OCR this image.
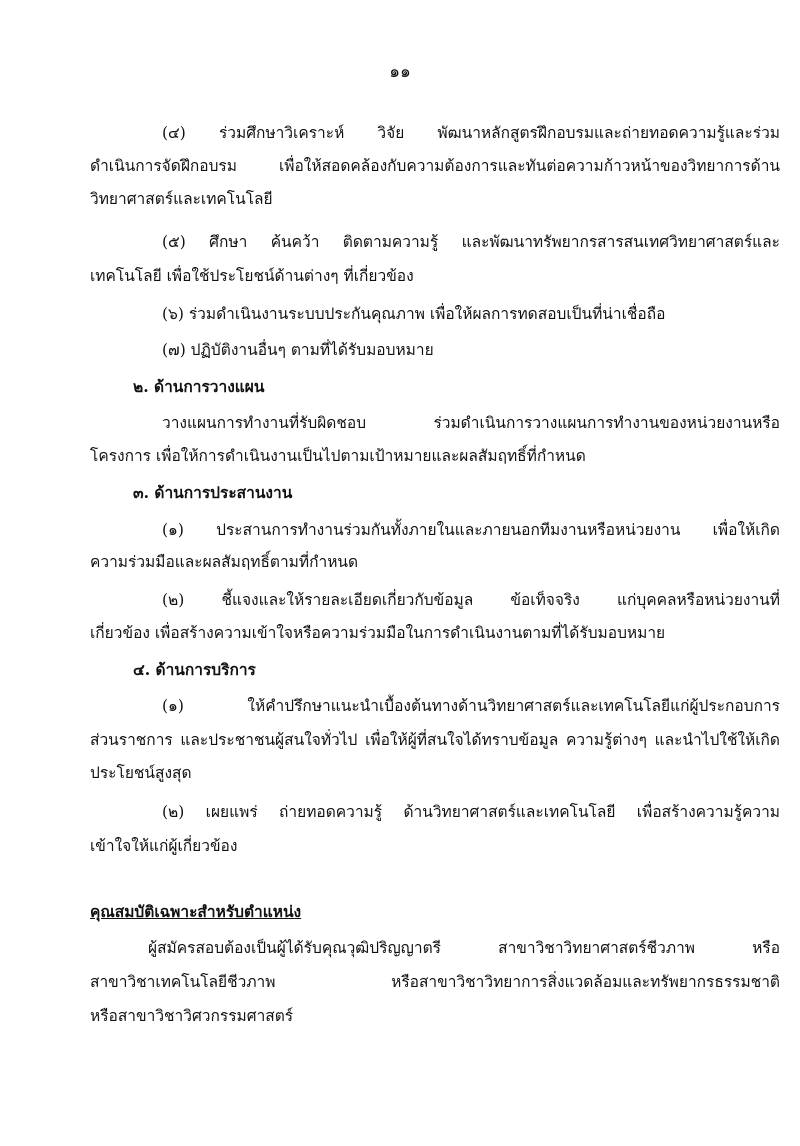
๑๑
(๔) ร่วมศึกษาวิเคราะห์ วิจัย พัฒนาหลักสูตรฝึกอบรมและถ่ายทอดความรู้และร่วม
ดำเนินการจัดฝึกอบรม เพื่อให้สอดคล้องกับความต้องการและทันต่อความก้าวหน้าของวิทยาการด้าน
วิทยาศาสตร์และเทคโนโลยี
(๕) ศึกษา ค้นคว้า ติดตามความรู้ และพัฒนาทรัพยากรสารสนเทศวิทยาศาสตร์และ
เทคโนโลยี เพื่อใช้ประโยชน์ด้านต่างๆ ที่เกี่ยวข้อง
(๖) ร่วมดำเนินงานระบบประกันคุณภาพ เพื่อให้ผลการทดสอบเป็นที่น่าเชื่อถือ
(๗) ปฏิบัติงานอื่นๆ ตามที่ได้รับมอบหมาย
๒. ด้านการวางแผน
วางแผนการทำงานที่รับผิดชอบ ร่วมดำเนินการวางแผนการทำงานของหน่วยงานหรือ
โครงการ เพื่อให้การดำเนินงานเป็นไปตามเป้าหมายและผลสัมฤทธิ์ที่กำหนด
๓. ด้านการประสานงาน
(๑) ประสานการทำงานร่วมกันทั้งภายในและภายนอกทีมงานหรือหน่วยงาน เพื่อให้เกิด
ความร่วมมือและผลสัมฤทธิ์ตามที่กำหนด
(๒) ชี้แจงและให้รายละเอียดเกี่ยวกับข้อมูล ข้อเท็จจริง แก่บุคคลหรือหน่วยงานที่
เกี่ยวข้อง เพื่อสร้างความเข้าใจหรือความร่วมมือในการดำเนินงานตามที่ได้รับมอบหมาย
๔. ด้านการบริการ
(๑) ให้คำปรึกษาแนะนำเบื้องต้นทางด้านวิทยาศาสตร์และเทคโนโลยีแก่ผู้ประกอบการ
ส่วนราชการ และประชาชนผู้สนใจทั่วไป เพื่อให้ผู้ที่สนใจได้ทราบข้อมูล ความรู้ต่างๆ และนำไปใช้ให้เกิด
ประโยชน์สูงสุด
(๒) เผยแพร่ ถ่ายทอดความรู้ ด้านวิทยาศาสตร์และเทคโนโลยี เพื่อสร้างความรู้ความ
เข้าใจให้แก่ผู้เกี่ยวข้อง
คุณสมบัติเฉพาะสำหรับตำแหน่ง
ผู้สมัครสอบต้องเป็นผู้ได้รับคุณวุฒิปริญญาตรี สาขาวิชาวิทยาศาสตร์ชีวภาพ หรือ
สาขาวิชาเทคโนโลยีชีวภาพ หรือสาขาวิชาวิทยาการสิ่งแวดล้อมและทรัพยากรธรรมชาติ
หรือสาขาวิชาวิศวกรรมศาสตร์
